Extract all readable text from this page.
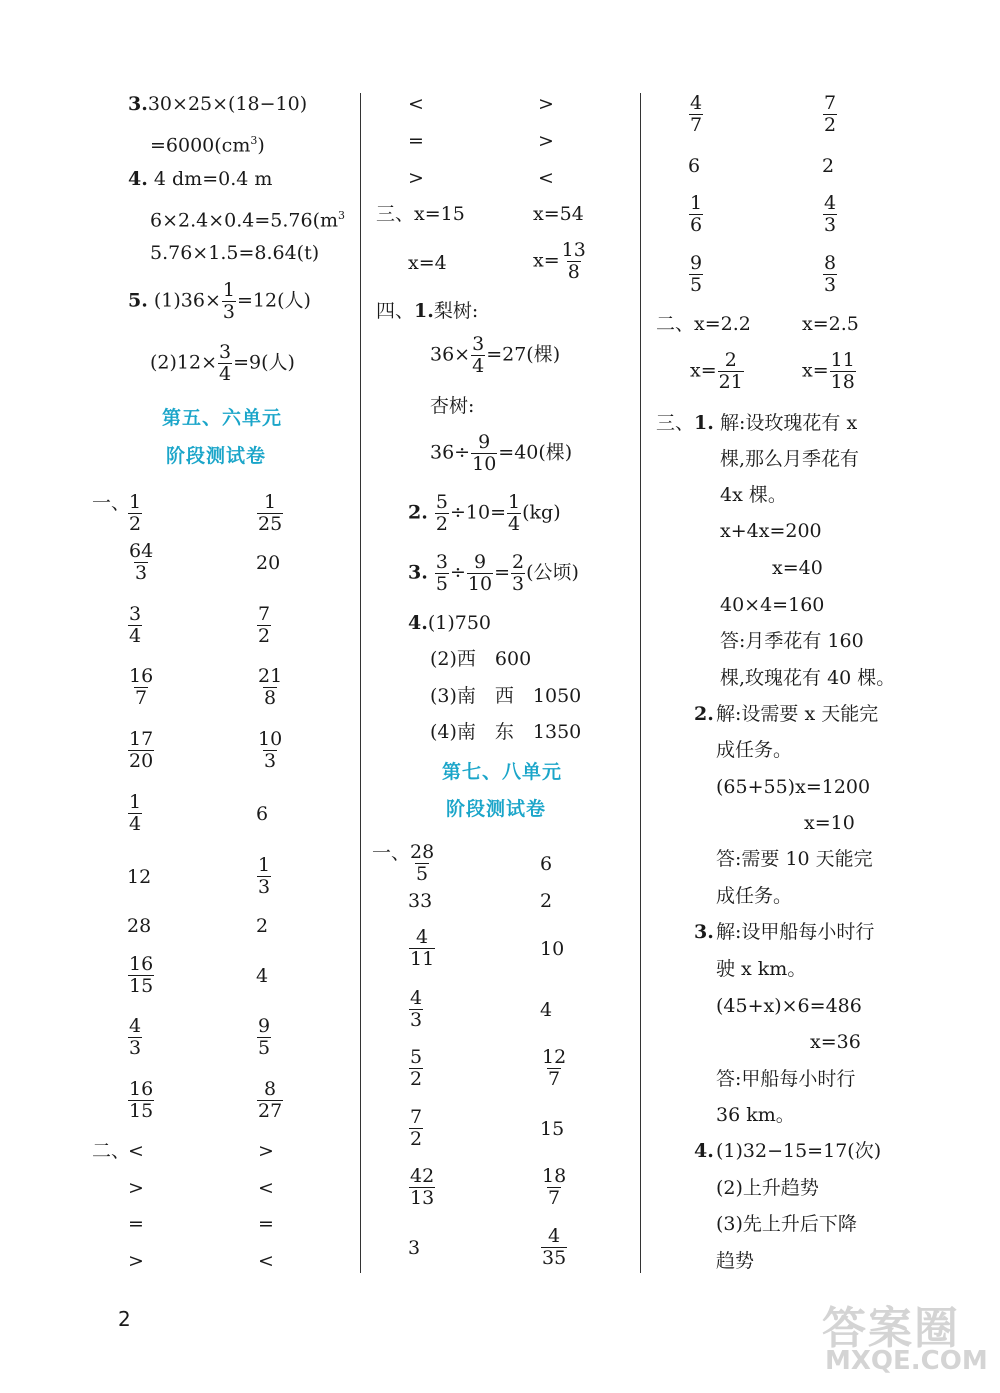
3.30×25×(18−10)
$=6000(cm^3)$
4. 4 dm=0.4 m
$6\times 2.4\times 0.4=5.76(m^3$
5.76×1.5=8.64(t)
5. $(1)36\times \frac{1}{3} =12$(人)
$(2)12\times \frac{3}{4} =9$(人)
第五、六单元
阶段测试卷
一、
$\frac{1}{2}$	$\frac{1}{25}$
$\frac{64}{3}$	20
$\frac{3}{4}$	$\frac{7}{2}$
$\frac{16}{7}$	$\frac{21}{8}$
$\frac{17}{20}$	$\frac{10}{3}$
$\frac{1}{4}$	6
12	$\frac{1}{3}$
28	2
$\frac{16}{15}$	4
$\frac{4}{3}$	$\frac{9}{5}$
$\frac{16}{15}$	$\frac{8}{27}$
二、
<	>
>	<
=	=
>	<
<	>
=	>
>	<
三、x=15	x=54
x=4	$x= \frac{13}{8}$
四、1.梨树:
$36\times \frac{3}{4} =27$(棵)
杏树:
$36\div \frac{9}{10} =40$(棵)
2. $\frac{5}{2} \div 10= \frac{1}{4} (kg)$
3. $\frac{3}{5} \div \frac{9}{10} = \frac{2}{3}$ (公顷)
4.(1)750
(2)西　600
(3)南　西　1050
(4)南　东　1350
第七、八单元
阶段测试卷
一、
$\frac{28}{5}$	6
33	2
$\frac{4}{11}$	10
$\frac{4}{3}$	4
$\frac{5}{2}$	$\frac{12}{7}$
$\frac{7}{2}$	15
$\frac{42}{13}$	$\frac{18}{7}$
3	$\frac{4}{35}$
$\frac{4}{7}$	$\frac{7}{2}$
6	2
$\frac{1}{6}$	$\frac{4}{3}$
$\frac{9}{5}$	$\frac{8}{3}$
二、x=2.2	x=2.5
$x= \frac{2}{21}$	$x= \frac{11}{18}$
三、1. 解:设玫瑰花有 x
棵,那么月季花有
4x 棵。
x+4x=200
x=40
40×4=160
答:月季花有 160
棵,玫瑰花有 40 棵。
2. 解:设需要 x 天能完
成任务。
(65+55)x=1200
x=10
答:需要 10 天能完
成任务。
3. 解:设甲船每小时行
驶 x km。
(45+x)×6=486
x=36
答:甲船每小时行
36 km。
4. (1)32−15=17(次)
(2)上升趋势
(3)先上升后下降
趋势
2	答案圈
MXQE.COM
